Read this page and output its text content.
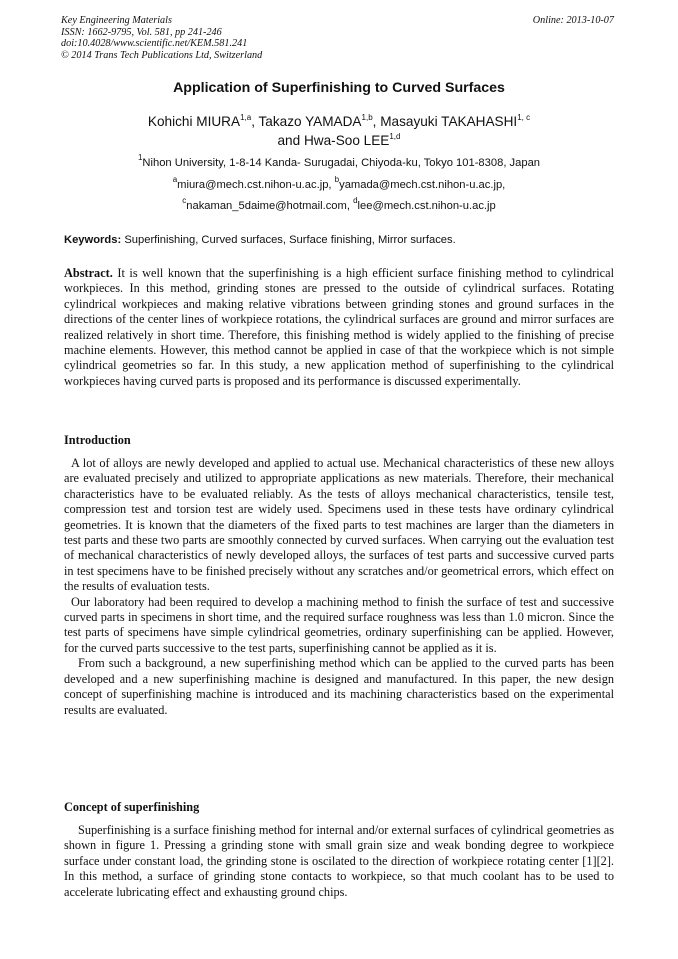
Key Engineering Materials
ISSN: 1662-9795, Vol. 581, pp 241-246
doi:10.4028/www.scientific.net/KEM.581.241
© 2014 Trans Tech Publications Ltd, Switzerland
Online: 2013-10-07
Application of Superfinishing to Curved Surfaces
Kohichi MIURA$^{1,a}$, Takazo YAMADA$^{1,b}$, Masayuki TAKAHASHI$^{1, c}$
and Hwa-Soo LEE$^{1,d}$
$^1$Nihon University, 1-8-14 Kanda- Surugadai, Chiyoda-ku, Tokyo 101-8308, Japan
$^a$miura@mech.cst.nihon-u.ac.jp, $^b$yamada@mech.cst.nihon-u.ac.jp,
$^c$nakaman_5daime@hotmail.com, $^d$lee@mech.cst.nihon-u.ac.jp
Keywords: Superfinishing, Curved surfaces, Surface finishing, Mirror surfaces.
Abstract. It is well known that the superfinishing is a high efficient surface finishing method to cylindrical workpieces. In this method, grinding stones are pressed to the outside of cylindrical surfaces. Rotating cylindrical workpieces and making relative vibrations between grinding stones and ground surfaces in the directions of the center lines of workpiece rotations, the cylindrical surfaces are ground and mirror surfaces are realized relatively in short time. Therefore, this finishing method is widely applied to the finishing of precise machine elements. However, this method cannot be applied in case of that the workpiece which is not simple cylindrical geometries so far. In this study, a new application method of superfinishing to the cylindrical workpieces having curved parts is proposed and its performance is discussed experimentally.
Introduction

A lot of alloys are newly developed and applied to actual use. Mechanical characteristics of these new alloys are evaluated precisely and utilized to appropriate applications as new materials. Therefore, their mechanical characteristics have to be evaluated reliably. As the tests of alloys mechanical characteristics, tensile test, compression test and torsion test are widely used. Specimens used in these tests have ordinary cylindrical geometries. It is known that the diameters of the fixed parts to test machines are larger than the diameters in test parts and these two parts are smoothly connected by curved surfaces. When carrying out the evaluation test of mechanical characteristics of newly developed alloys, the surfaces of test parts and successive curved parts in test specimens have to be finished precisely without any scratches and/or geometrical errors, which effect on the results of evaluation tests.

Our laboratory had been required to develop a machining method to finish the surface of test and successive curved parts in specimens in short time, and the required surface roughness was less than 1.0 micron. Since the test parts of specimens have simple cylindrical geometries, ordinary superfinishing can be applied. However, for the curved parts successive to the test parts, superfinishing cannot be applied as it is.

From such a background, a new superfinishing method which can be applied to the curved parts has been developed and a new superfinishing machine is designed and manufactured. In this paper, the new design concept of superfinishing machine is introduced and its machining characteristics based on the experimental results are evaluated.

Concept of superfinishing

Superfinishing is a surface finishing method for internal and/or external surfaces of cylindrical geometries as shown in figure 1. Pressing a grinding stone with small grain size and weak bonding degree to workpiece surface under constant load, the grinding stone is oscilated to the direction of workpiece rotating center [1][2]. In this method, a surface of grinding stone contacts to workpiece, so that much coolant has to be used to accelerate lubricating effect and exhausting ground chips.
